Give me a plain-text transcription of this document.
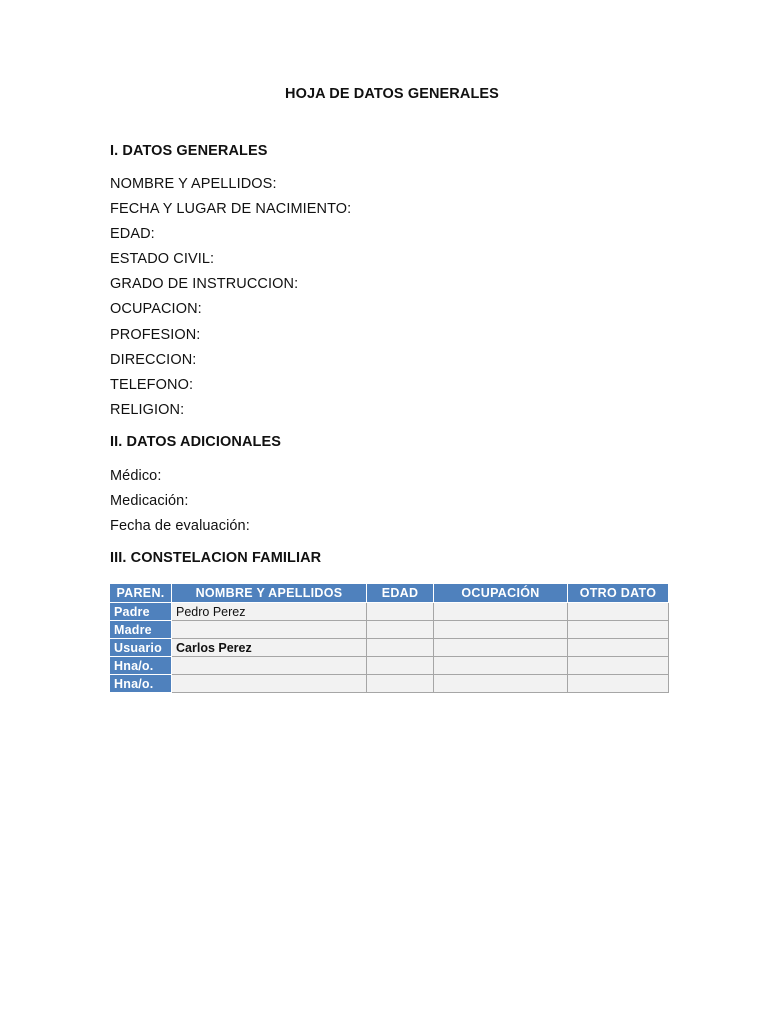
HOJA DE DATOS GENERALES
I. DATOS GENERALES
NOMBRE Y APELLIDOS:
FECHA Y LUGAR DE NACIMIENTO:
EDAD:
ESTADO CIVIL:
GRADO DE INSTRUCCION:
OCUPACION:
PROFESION:
DIRECCION:
TELEFONO:
RELIGION:
II. DATOS ADICIONALES
Médico:
Medicación:
Fecha de evaluación:
III. CONSTELACION FAMILIAR
PAREN.	NOMBRE Y APELLIDOS	EDAD	OCUPACIÓN	OTRO DATO
Padre	Pedro Perez			
Madre				
Usuario	Carlos Perez			
Hna/o.				
Hna/o.				
